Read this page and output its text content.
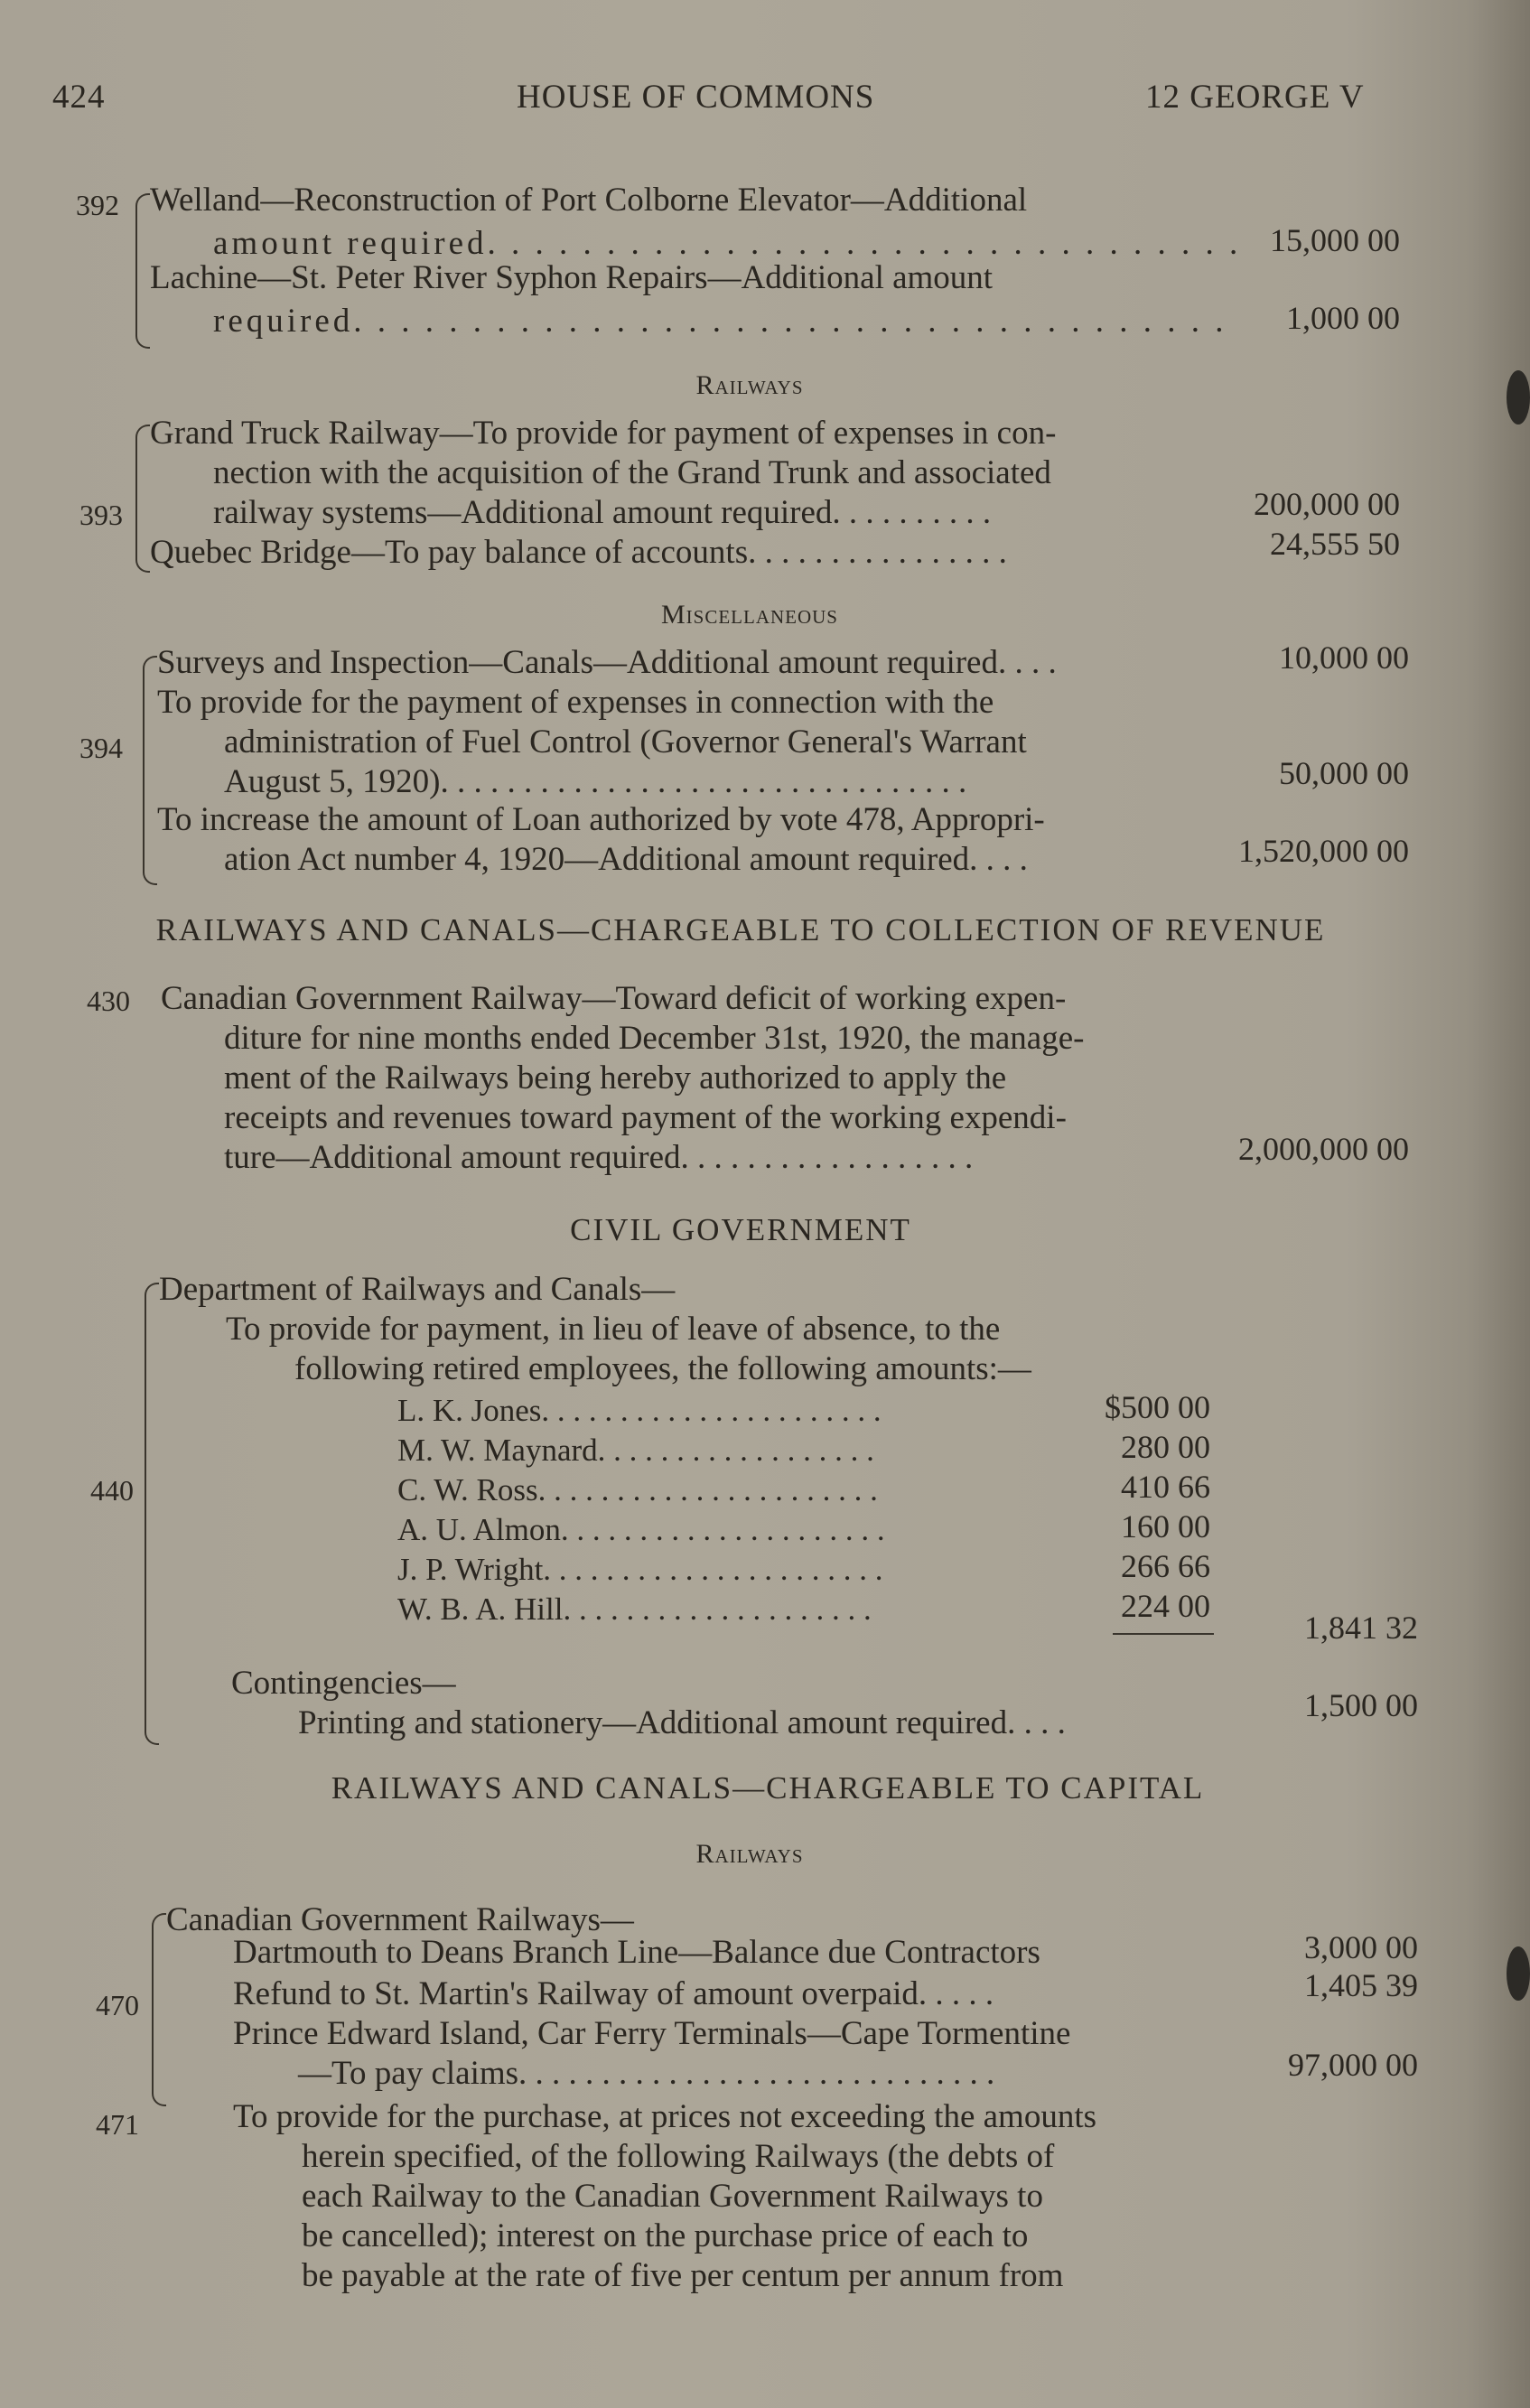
424	HOUSE OF COMMONS	12 GEORGE V
392 Welland—Reconstruction of Port Colborne Elevator—Additional
amount required. . . . . . . . . . . . . . . . . . . . . . . . . . . . . . . . 15,000 00
Lachine—St. Peter River Syphon Repairs—Additional amount
required. . . . . . . . . . . . . . . . . . . . . . . . . . . . . . . . . . . . .	1,000 00
Railways
393
Grand Truck Railway—To provide for payment of expenses in con-
nection with the acquisition of the Grand Trunk and associated
railway systems—Additional amount required. . . . . . . . . .	200,000 00
Quebec Bridge—To pay balance of accounts. . . . . . . . . . . . . . . .	24,555 50
Miscellaneous
394
Surveys and Inspection—Canals—Additional amount required. . . .	10,000 00
To provide for the payment of expenses in connection with the
administration of Fuel Control (Governor General's Warrant
August 5, 1920). . . . . . . . . . . . . . . . . . . . . . . . . . . . . . . .	50,000 00
To increase the amount of Loan authorized by vote 478, Appropri-
ation Act number 4, 1920—Additional amount required. . . .	1,520,000 00
RAILWAYS AND CANALS—CHARGEABLE TO COLLECTION OF REVENUE
430 Canadian Government Railway—Toward deficit of working expen-
diture for nine months ended December 31st, 1920, the manage-
ment of the Railways being hereby authorized to apply the
receipts and revenues toward payment of the working expendi-
ture—Additional amount required. . . . . . . . . . . . . . . . . .	2,000,000 00
CIVIL GOVERNMENT
440
Department of Railways and Canals—
To provide for payment, in lieu of leave of absence, to the
following retired employees, the following amounts:—
L. K. Jones. . . . . . . . . . . . . . . . . . . . . .	$500 00
M. W. Maynard. . . . . . . . . . . . . . . . . .	280 00
C. W. Ross. . . . . . . . . . . . . . . . . . . . . .	410 66
A. U. Almon. . . . . . . . . . . . . . . . . . . . .	160 00
J. P. Wright. . . . . . . . . . . . . . . . . . . . . .	266 66
W. B. A. Hill. . . . . . . . . . . . . . . . . . . .	224 00
1,841 32
Contingencies—
Printing and stationery—Additional amount required. . . .	1,500 00
RAILWAYS AND CANALS—CHARGEABLE TO CAPITAL
Railways
470
Canadian Government Railways—
Dartmouth to Deans Branch Line—Balance due Contractors	3,000 00
Refund to St. Martin's Railway of amount overpaid. . . . .	1,405 39
Prince Edward Island, Car Ferry Terminals—Cape Tormentine
—To pay claims. . . . . . . . . . . . . . . . . . . . . . . . . . . . .	97,000 00
471	To provide for the purchase, at prices not exceeding the amounts
herein specified, of the following Railways (the debts of
each Railway to the Canadian Government Railways to
be cancelled); interest on the purchase price of each to
be payable at the rate of five per centum per annum from
